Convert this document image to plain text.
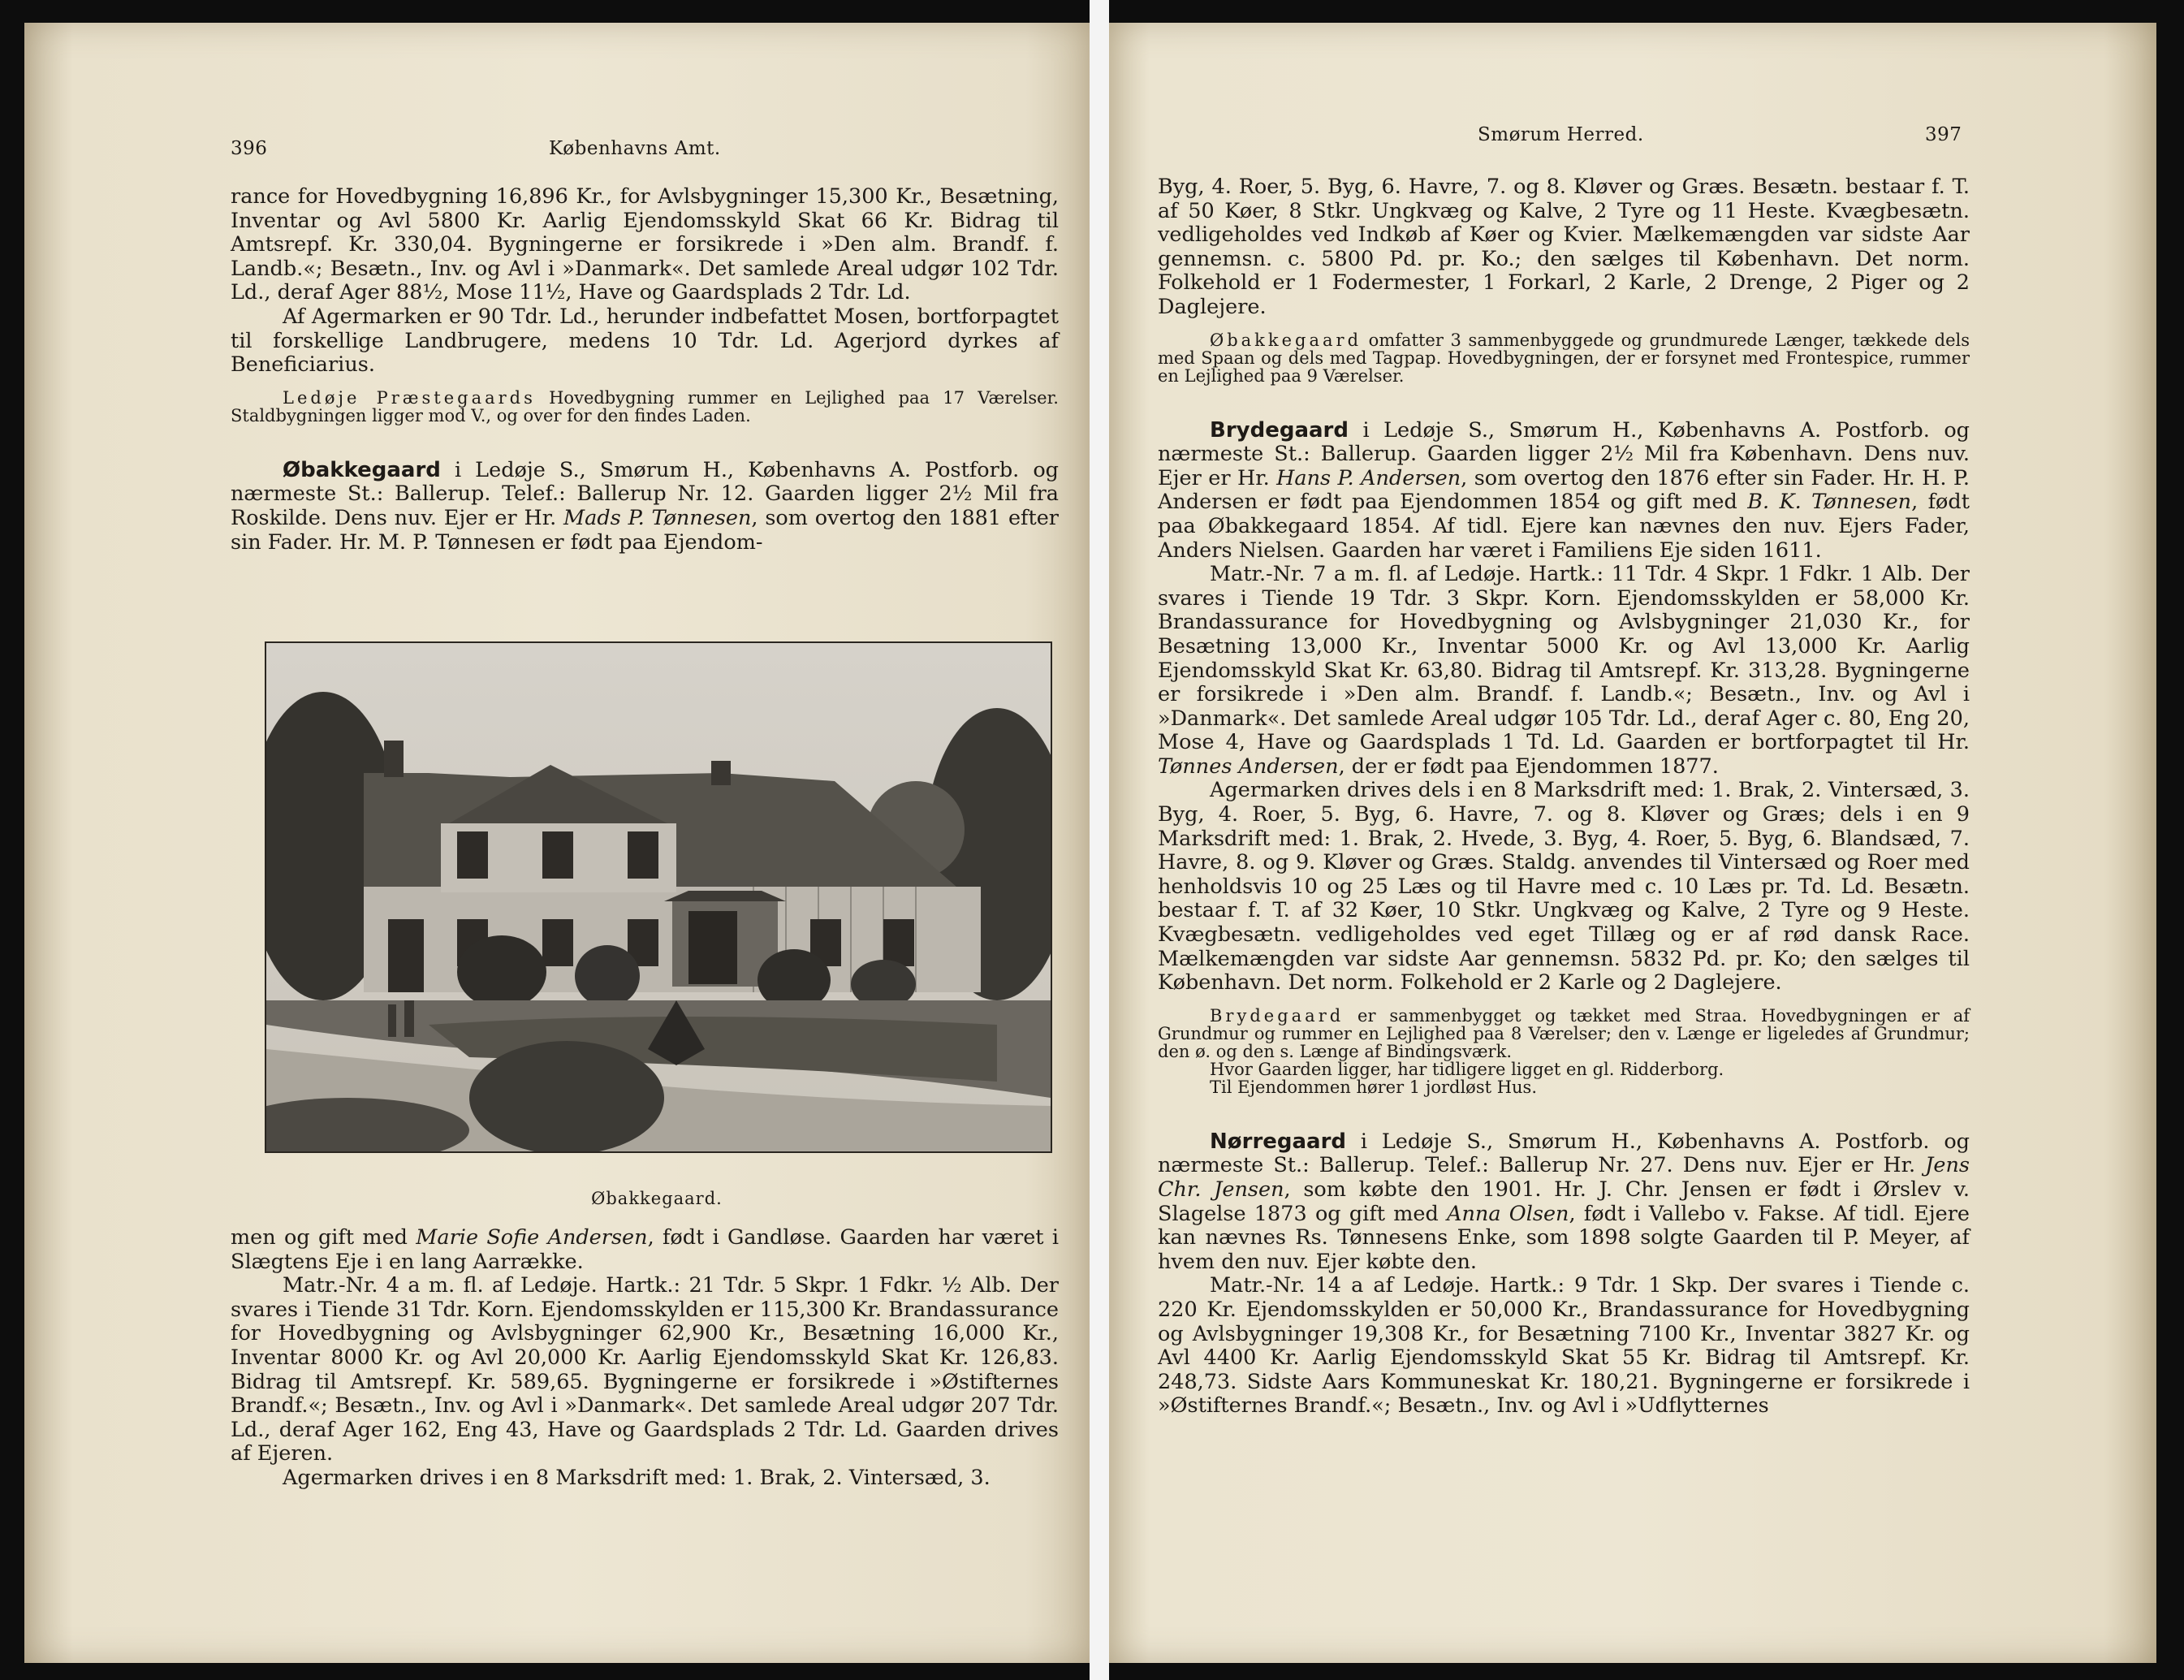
396	Københavns Amt.

rance for Hovedbygning 16,896 Kr., for Avlsbygninger 15,300 Kr., Besætning, Inventar og Avl 5800 Kr. Aarlig Ejendomsskyld Skat 66 Kr. Bidrag til Amtsrepf. Kr. 330,04. Bygningerne er forsikrede i »Den alm. Brandf. f. Landb.«; Besætn., Inv. og Avl i »Danmark«. Det samlede Areal udgør 102 Tdr. Ld., deraf Ager 88½, Mose 11½, Have og Gaardsplads 2 Tdr. Ld.

Af Agermarken er 90 Tdr. Ld., herunder indbefattet Mosen, bortforpagtet til forskellige Landbrugere, medens 10 Tdr. Ld. Agerjord dyrkes af Beneficiarius.

Ledøje Præstegaards Hovedbygning rummer en Lejlighed paa 17 Værelser. Staldbygningen ligger mod V., og over for den findes Laden.

Øbakkegaard i Ledøje S., Smørum H., Københavns A. Postforb. og nærmeste St.: Ballerup. Telef.: Ballerup Nr. 12. Gaarden ligger 2½ Mil fra Roskilde. Dens nuv. Ejer er Hr. Mads P. Tønnesen, som overtog den 1881 efter sin Fader. Hr. M. P. Tønnesen er født paa Ejendom-

Øbakkegaard.

men og gift med Marie Sofie Andersen, født i Gandløse. Gaarden har været i Slægtens Eje i en lang Aarrække.

Matr.-Nr. 4 a m. fl. af Ledøje. Hartk.: 21 Tdr. 5 Skpr. 1 Fdkr. ½ Alb. Der svares i Tiende 31 Tdr. Korn. Ejendomsskylden er 115,300 Kr. Brandassurance for Hovedbygning og Avlsbygninger 62,900 Kr., Besætning 16,000 Kr., Inventar 8000 Kr. og Avl 20,000 Kr. Aarlig Ejendomsskyld Skat Kr. 126,83. Bidrag til Amtsrepf. Kr. 589,65. Bygningerne er forsikrede i »Østifternes Brandf.«; Besætn., Inv. og Avl i »Danmark«. Det samlede Areal udgør 207 Tdr. Ld., deraf Ager 162, Eng 43, Have og Gaardsplads 2 Tdr. Ld. Gaarden drives af Ejeren.

Agermarken drives i en 8 Marksdrift med: 1. Brak, 2. Vintersæd, 3.

Smørum Herred.	397

Byg, 4. Roer, 5. Byg, 6. Havre, 7. og 8. Kløver og Græs. Besætn. bestaar f. T. af 50 Køer, 8 Stkr. Ungkvæg og Kalve, 2 Tyre og 11 Heste. Kvægbesætn. vedligeholdes ved Indkøb af Køer og Kvier. Mælkemængden var sidste Aar gennemsn. c. 5800 Pd. pr. Ko.; den sælges til København. Det norm. Folkehold er 1 Fodermester, 1 Forkarl, 2 Karle, 2 Drenge, 2 Piger og 2 Daglejere.

Øbakkegaard omfatter 3 sammenbyggede og grundmurede Længer, tækkede dels med Spaan og dels med Tagpap. Hovedbygningen, der er forsynet med Frontespice, rummer en Lejlighed paa 9 Værelser.

Brydegaard i Ledøje S., Smørum H., Københavns A. Postforb. og nærmeste St.: Ballerup. Gaarden ligger 2½ Mil fra København. Dens nuv. Ejer er Hr. Hans P. Andersen, som overtog den 1876 efter sin Fader. Hr. H. P. Andersen er født paa Ejendommen 1854 og gift med B. K. Tønnesen, født paa Øbakkegaard 1854. Af tidl. Ejere kan nævnes den nuv. Ejers Fader, Anders Nielsen. Gaarden har været i Familiens Eje siden 1611.

Matr.-Nr. 7 a m. fl. af Ledøje. Hartk.: 11 Tdr. 4 Skpr. 1 Fdkr. 1 Alb. Der svares i Tiende 19 Tdr. 3 Skpr. Korn. Ejendomsskylden er 58,000 Kr. Brandassurance for Hovedbygning og Avlsbygninger 21,030 Kr., for Besætning 13,000 Kr., Inventar 5000 Kr. og Avl 13,000 Kr. Aarlig Ejendomsskyld Skat Kr. 63,80. Bidrag til Amtsrepf. Kr. 313,28. Bygningerne er forsikrede i »Den alm. Brandf. f. Landb.«; Besætn., Inv. og Avl i »Danmark«. Det samlede Areal udgør 105 Tdr. Ld., deraf Ager c. 80, Eng 20, Mose 4, Have og Gaardsplads 1 Td. Ld. Gaarden er bortforpagtet til Hr. Tønnes Andersen, der er født paa Ejendommen 1877.

Agermarken drives dels i en 8 Marksdrift med: 1. Brak, 2. Vintersæd, 3. Byg, 4. Roer, 5. Byg, 6. Havre, 7. og 8. Kløver og Græs; dels i en 9 Marksdrift med: 1. Brak, 2. Hvede, 3. Byg, 4. Roer, 5. Byg, 6. Blandsæd, 7. Havre, 8. og 9. Kløver og Græs. Staldg. anvendes til Vintersæd og Roer med henholdsvis 10 og 25 Læs og til Havre med c. 10 Læs pr. Td. Ld. Besætn. bestaar f. T. af 32 Køer, 10 Stkr. Ungkvæg og Kalve, 2 Tyre og 9 Heste. Kvægbesætn. vedligeholdes ved eget Tillæg og er af rød dansk Race. Mælkemængden var sidste Aar gennemsn. 5832 Pd. pr. Ko; den sælges til København. Det norm. Folkehold er 2 Karle og 2 Daglejere.

Brydegaard er sammenbygget og tækket med Straa. Hovedbygningen er af Grundmur og rummer en Lejlighed paa 8 Værelser; den v. Længe er ligeledes af Grundmur; den ø. og den s. Længe af Bindingsværk.

Hvor Gaarden ligger, har tidligere ligget en gl. Ridderborg.

Til Ejendommen hører 1 jordløst Hus.

Nørregaard i Ledøje S., Smørum H., Københavns A. Postforb. og nærmeste St.: Ballerup. Telef.: Ballerup Nr. 27. Dens nuv. Ejer er Hr. Jens Chr. Jensen, som købte den 1901. Hr. J. Chr. Jensen er født i Ørslev v. Slagelse 1873 og gift med Anna Olsen, født i Vallebo v. Fakse. Af tidl. Ejere kan nævnes Rs. Tønnesens Enke, som 1898 solgte Gaarden til P. Meyer, af hvem den nuv. Ejer købte den.

Matr.-Nr. 14 a af Ledøje. Hartk.: 9 Tdr. 1 Skp. Der svares i Tiende c. 220 Kr. Ejendomsskylden er 50,000 Kr., Brandassurance for Hovedbygning og Avlsbygninger 19,308 Kr., for Besætning 7100 Kr., Inventar 3827 Kr. og Avl 4400 Kr. Aarlig Ejendomsskyld Skat 55 Kr. Bidrag til Amtsrepf. Kr. 248,73. Sidste Aars Kommuneskat Kr. 180,21. Bygningerne er forsikrede i »Østifternes Brandf.«; Besætn., Inv. og Avl i »Udflytternes
